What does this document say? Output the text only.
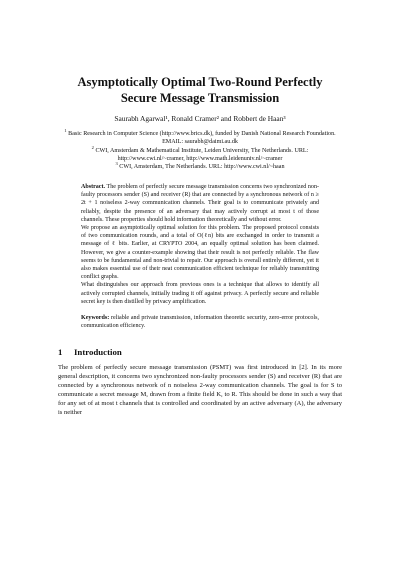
Asymptotically Optimal Two-Round Perfectly
Secure Message Transmission
Saurabh Agarwal¹, Ronald Cramer² and Robbert de Haan³

$^1$ Basic Research in Computer Science (http://www.brics.dk), funded by Danish National Research Foundation. EMAIL: saurabh@daimi.au.dk

$^2$ CWI, Amsterdam & Mathematical Institute, Leiden University, The Netherlands. URL: http://www.cwi.nl/~cramer, http://www.math.leidenuniv.nl/~cramer

$^3$ CWI, Amsterdam, The Netherlands. URL: http://www.cwi.nl/~haan

Abstract. The problem of perfectly secure message transmission concerns two synchronized non-faulty processors sender (S) and receiver (R) that are connected by a synchronous network of n ≥ 2t + 1 noiseless 2-way communication channels. Their goal is to communicate privately and reliably, despite the presence of an adversary that may actively corrupt at most t of those channels. These properties should hold information theoretically and without error.

We propose an asymptotically optimal solution for this problem. The proposed protocol consists of two communication rounds, and a total of O(ℓn) bits are exchanged in order to transmit a message of ℓ bits. Earlier, at CRYPTO 2004, an equally optimal solution has been claimed. However, we give a counter-example showing that their result is not perfectly reliable. The flaw seems to be fundamental and non-trivial to repair. Our approach is overall entirely different, yet it also makes essential use of their neat communication efficient technique for reliably transmitting conflict graphs.

What distinguishes our approach from previous ones is a technique that allows to identify all actively corrupted channels, initially trading it off against privacy. A perfectly secure and reliable secret key is then distilled by privacy amplification.

Keywords: reliable and private transmission, information theoretic security, zero-error protocols, communication efficiency.
1 Introduction

The problem of perfectly secure message transmission (PSMT) was first introduced in [2]. In its more general description, it concerns two synchronized non-faulty processors sender (S) and receiver (R) that are connected by a synchronous network of n noiseless 2-way communication channels. The goal is for S to communicate a secret message M, drawn from a finite field K, to R. This should be done in such a way that for any set of at most t channels that is controlled and coordinated by an active adversary (A), the adversary is neither
